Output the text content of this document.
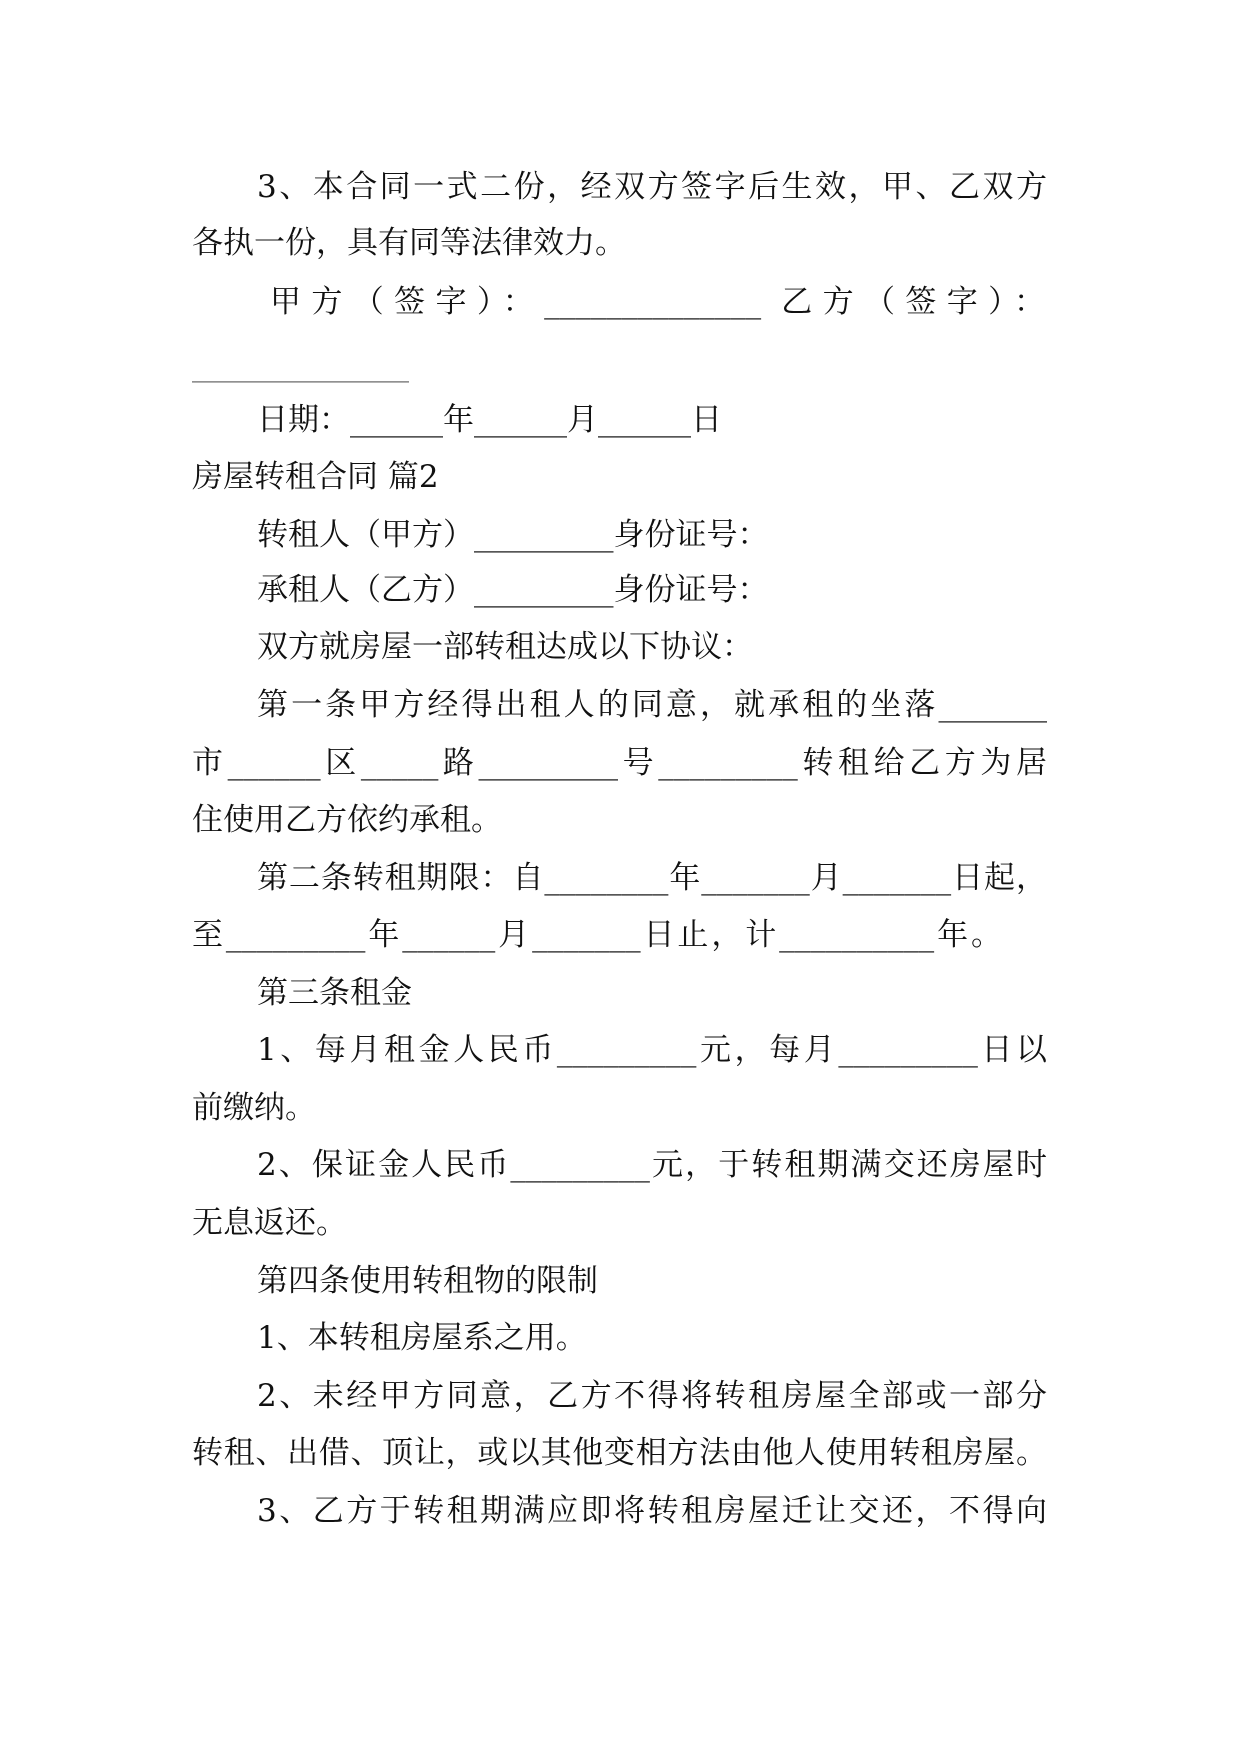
3、本合同一式二份，经双方签字后生效，甲、乙双方
各执一份，具有同等法律效力。
甲方（签字）：______________ 乙方（签字）：
______________
日期：______年______月______日
房屋转租合同 篇2
转租人（甲方）_________身份证号：
承租人（乙方）_________身份证号：
双方就房屋一部转租达成以下协议：
第一条甲方经得出租人的同意，就承租的坐落_______
市______区_____路_________号_________转租给乙方为居
住使用乙方依约承租。
第二条转租期限：自________年_______月_______日起，
至_________年______月_______日止，计__________年。
第三条租金
1、每月租金人民币_________元，每月_________日以
前缴纳。
2、保证金人民币_________元，于转租期满交还房屋时
无息返还。
第四条使用转租物的限制
1、本转租房屋系之用。
2、未经甲方同意，乙方不得将转租房屋全部或一部分
转租、出借、顶让，或以其他变相方法由他人使用转租房屋。
3、乙方于转租期满应即将转租房屋迁让交还，不得向
